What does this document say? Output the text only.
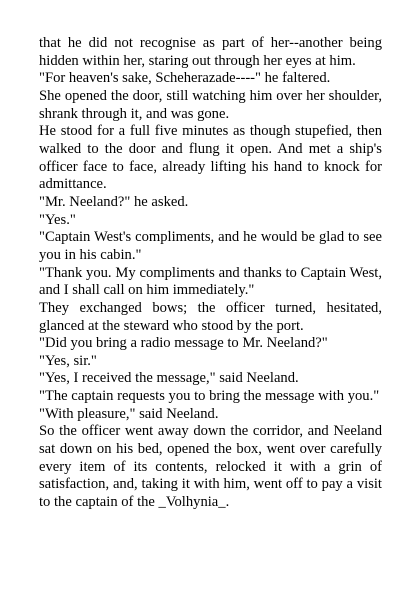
that he did not recognise as part of her--another being hidden within her, staring out through her eyes at him.

"For heaven's sake, Scheherazade----" he faltered.

She opened the door, still watching him over her shoulder, shrank through it, and was gone.

He stood for a full five minutes as though stupefied, then walked to the door and flung it open. And met a ship's officer face to face, already lifting his hand to knock for admittance.

"Mr. Neeland?" he asked.

"Yes."

"Captain West's compliments, and he would be glad to see you in his cabin."

"Thank you. My compliments and thanks to Captain West, and I shall call on him immediately."

They exchanged bows; the officer turned, hesitated, glanced at the steward who stood by the port.

"Did you bring a radio message to Mr. Neeland?"

"Yes, sir."

"Yes, I received the message," said Neeland.

"The captain requests you to bring the message with you."

"With pleasure," said Neeland.

So the officer went away down the corridor, and Neeland sat down on his bed, opened the box, went over carefully every item of its contents, relocked it with a grin of satisfaction, and, taking it with him, went off to pay a visit to the captain of the _Volhynia_.
